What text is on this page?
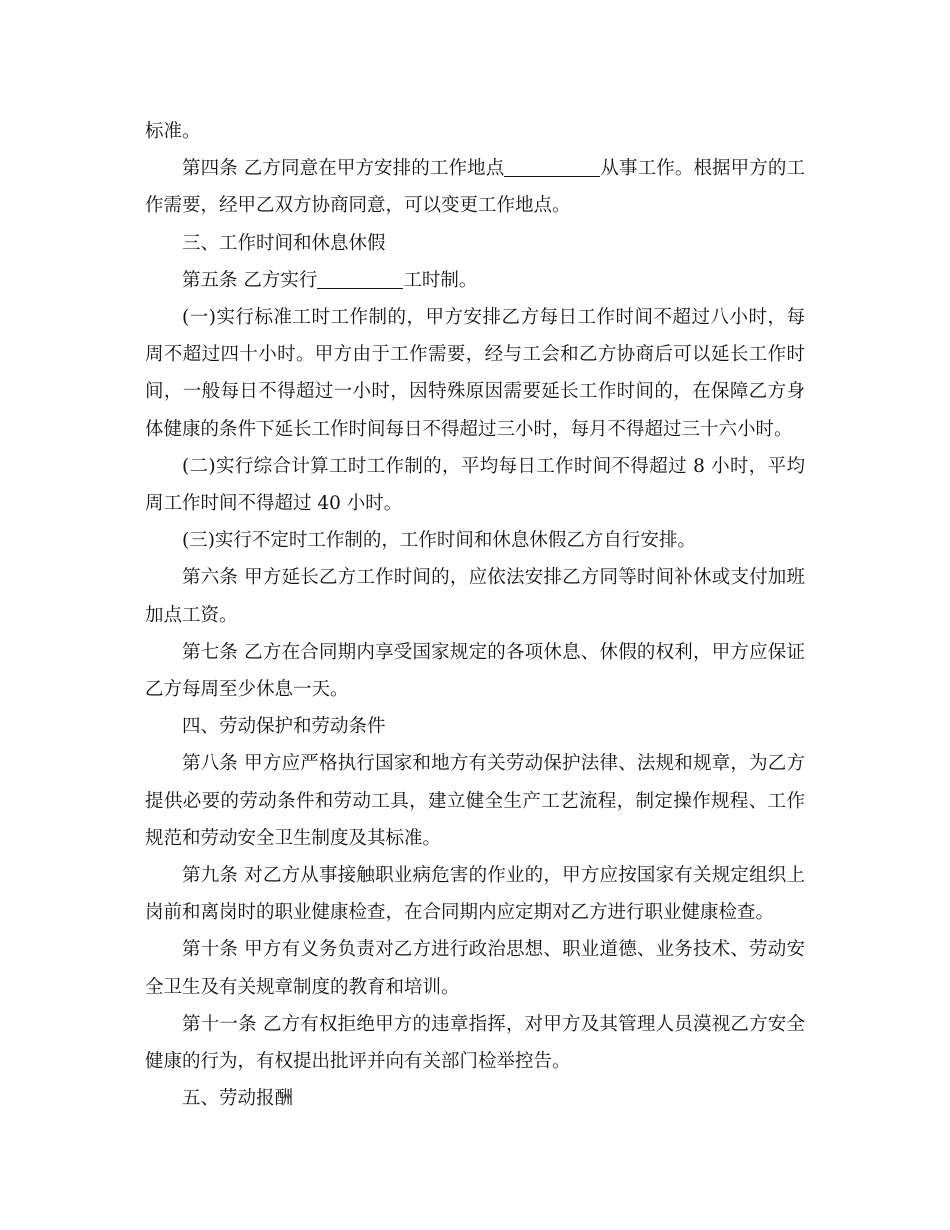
标准。

第四条 乙方同意在甲方安排的工作地点	从事工作。根据甲方的工作需要，经甲乙双方协商同意，可以变更工作地点。

三、工作时间和休息休假

第五条 乙方实行	工时制。

(一)实行标准工时工作制的，甲方安排乙方每日工作时间不超过八小时，每周不超过四十小时。甲方由于工作需要，经与工会和乙方协商后可以延长工作时间，一般每日不得超过一小时，因特殊原因需要延长工作时间的，在保障乙方身体健康的条件下延长工作时间每日不得超过三小时，每月不得超过三十六小时。

(二)实行综合计算工时工作制的，平均每日工作时间不得超过 8 小时，平均周工作时间不得超过 40 小时。

(三)实行不定时工作制的，工作时间和休息休假乙方自行安排。

第六条 甲方延长乙方工作时间的，应依法安排乙方同等时间补休或支付加班加点工资。

第七条 乙方在合同期内享受国家规定的各项休息、休假的权利，甲方应保证乙方每周至少休息一天。

四、劳动保护和劳动条件

第八条 甲方应严格执行国家和地方有关劳动保护法律、法规和规章，为乙方提供必要的劳动条件和劳动工具，建立健全生产工艺流程，制定操作规程、工作规范和劳动安全卫生制度及其标准。

第九条 对乙方从事接触职业病危害的作业的，甲方应按国家有关规定组织上岗前和离岗时的职业健康检查，在合同期内应定期对乙方进行职业健康检查。

第十条 甲方有义务负责对乙方进行政治思想、职业道德、业务技术、劳动安全卫生及有关规章制度的教育和培训。

第十一条 乙方有权拒绝甲方的违章指挥，对甲方及其管理人员漠视乙方安全健康的行为，有权提出批评并向有关部门检举控告。

五、劳动报酬
